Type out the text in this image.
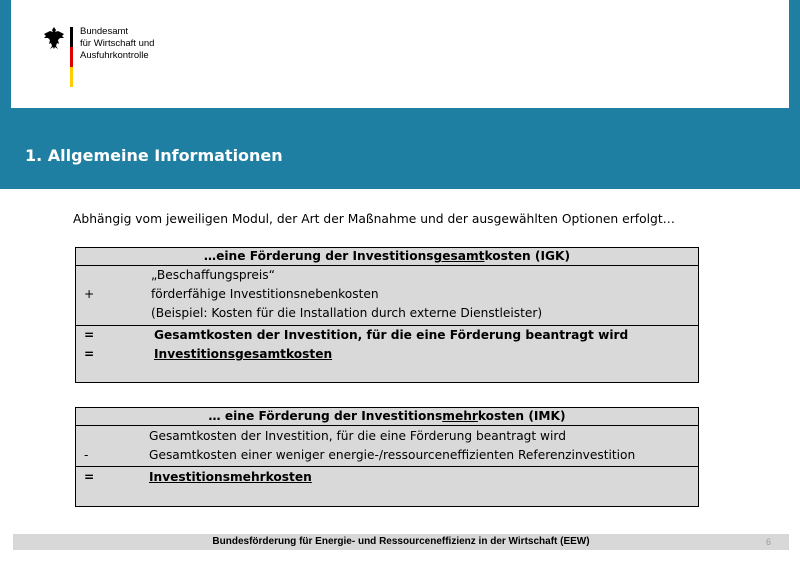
Bundesamt
für Wirtschaft und
Ausfuhrkontrolle
1. Allgemeine Informationen
Abhängig vom jeweiligen Modul, der Art der Maßnahme und der ausgewählten Optionen erfolgt…
…eine Förderung der Investitionsgesamtkosten (IGK)
„Beschaffungspreis“
+	förderfähige Investitionsnebenkosten
(Beispiel: Kosten für die Installation durch externe Dienstleister)
=	Gesamtkosten der Investition, für die eine Förderung beantragt wird
=	Investitionsgesamtkosten
… eine Förderung der Investitionsmehrkosten (IMK)
Gesamtkosten der Investition, für die eine Förderung beantragt wird
-	Gesamtkosten einer weniger energie-/ressourceneffizienten Referenzinvestition
=	Investitionsmehrkosten
Bundesförderung für Energie- und Ressourceneffizienz in der Wirtschaft (EEW)	6
